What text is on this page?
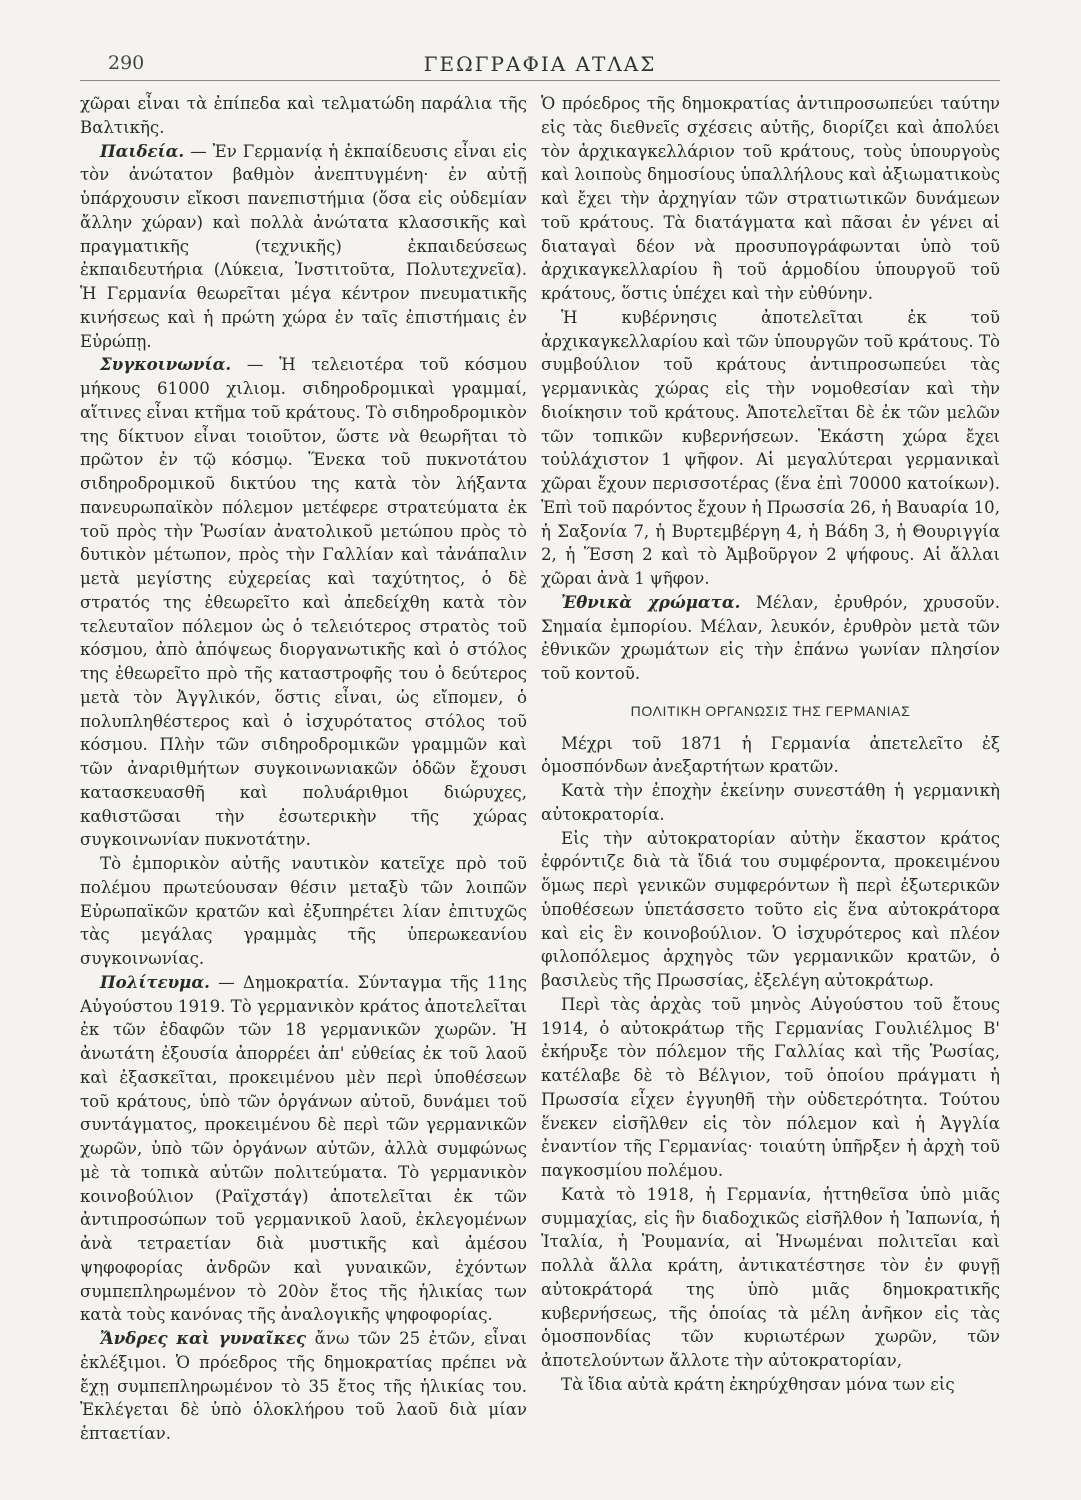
290	ΓΕΩΓΡΑΦΙΑ ΑΤΛΑΣ

χῶραι εἶναι τὰ ἐπίπεδα καὶ τελματώδη παράλια τῆς Βαλτικῆς.

Παιδεία. — Ἐν Γερμανίᾳ ἡ ἐκπαίδευσις εἶναι εἰς τὸν ἀνώτατον βαθμὸν ἀνεπτυγμένη· ἐν αὐτῇ ὑπάρχουσιν εἴκοσι πανεπιστήμια (ὅσα εἰς οὐδεμίαν ἄλλην χώραν) καὶ πολλὰ ἀνώτατα κλασσικῆς καὶ πραγματικῆς (τεχνικῆς) ἐκπαιδεύσεως ἐκπαιδευτήρια (Λύκεια, Ἰνστιτοῦτα, Πολυτεχνεῖα). Ἡ Γερμανία θεωρεῖται μέγα κέντρον πνευματικῆς κινήσεως καὶ ἡ πρώτη χώρα ἐν ταῖς ἐπιστήμαις ἐν Εὐρώπῃ.

Συγκοινωνία. — Ἡ τελειοτέρα τοῦ κόσμου μήκους 61000 χιλιομ. σιδηροδρομικαὶ γραμμαί, αἵτινες εἶναι κτῆμα τοῦ κράτους. Τὸ σιδηροδρομικὸν της δίκτυον εἶναι τοιοῦτον, ὥστε νὰ θεωρῆται τὸ πρῶτον ἐν τῷ κόσμῳ. Ἕνεκα τοῦ πυκνοτάτου σιδηροδρομικοῦ δικτύου της κατὰ τὸν λήξαντα πανευρωπαϊκὸν πόλεμον μετέφερε στρατεύματα ἐκ τοῦ πρὸς τὴν Ῥωσίαν ἀνατολικοῦ μετώπου πρὸς τὸ δυτικὸν μέτωπον, πρὸς τὴν Γαλλίαν καὶ τἀνάπαλιν μετὰ μεγίστης εὐχερείας καὶ ταχύτητος, ὁ δὲ στρατός της ἐθεωρεῖτο καὶ ἀπεδείχθη κατὰ τὸν τελευταῖον πόλεμον ὡς ὁ τελειότερος στρατὸς τοῦ κόσμου, ἀπὸ ἀπόψεως διοργανωτικῆς καὶ ὁ στόλος της ἐθεωρεῖτο πρὸ τῆς καταστροφῆς του ὁ δεύτερος μετὰ τὸν Ἀγγλικόν, ὅστις εἶναι, ὡς εἴπομεν, ὁ πολυπληθέστερος καὶ ὁ ἰσχυρότατος στόλος τοῦ κόσμου. Πλὴν τῶν σιδηροδρομικῶν γραμμῶν καὶ τῶν ἀναριθμήτων συγκοινωνιακῶν ὁδῶν ἔχουσι κατασκευασθῆ καὶ πολυάριθμοι διώρυχες, καθιστῶσαι τὴν ἐσωτερικὴν τῆς χώρας συγκοινωνίαν πυκνοτάτην.

Τὸ ἐμπορικὸν αὐτῆς ναυτικὸν κατεῖχε πρὸ τοῦ πολέμου πρωτεύουσαν θέσιν μεταξὺ τῶν λοιπῶν Εὐρωπαϊκῶν κρατῶν καὶ ἐξυπηρέτει λίαν ἐπιτυχῶς τὰς μεγάλας γραμμὰς τῆς ὑπερωκεανίου συγκοινωνίας.

Πολίτευμα. — Δημοκρατία. Σύνταγμα τῆς 11ης Αὐγούστου 1919. Τὸ γερμανικὸν κράτος ἀποτελεῖται ἐκ τῶν ἐδαφῶν τῶν 18 γερμανικῶν χωρῶν. Ἡ ἀνωτάτη ἐξουσία ἀπορρέει ἀπ' εὐθείας ἐκ τοῦ λαοῦ καὶ ἐξασκεῖται, προκειμένου μὲν περὶ ὑποθέσεων τοῦ κράτους, ὑπὸ τῶν ὀργάνων αὐτοῦ, δυνάμει τοῦ συντάγματος, προκειμένου δὲ περὶ τῶν γερμανικῶν χωρῶν, ὑπὸ τῶν ὀργάνων αὐτῶν, ἀλλὰ συμφώνως μὲ τὰ τοπικὰ αὐτῶν πολιτεύματα. Τὸ γερμανικὸν κοινοβούλιον (Ραϊχστάγ) ἀποτελεῖται ἐκ τῶν ἀντιπροσώπων τοῦ γερμανικοῦ λαοῦ, ἐκλεγομένων ἀνὰ τετραετίαν διὰ μυστικῆς καὶ ἀμέσου ψηφοφορίας ἀνδρῶν καὶ γυναικῶν, ἐχόντων συμπεπληρωμένον τὸ 20ὸν ἔτος τῆς ἡλικίας των κατὰ τοὺς κανόνας τῆς ἀναλογικῆς ψηφοφορίας.

Ἄνδρες καὶ γυναῖκες ἄνω τῶν 25 ἐτῶν, εἶναι ἐκλέξιμοι. Ὁ πρόεδρος τῆς δημοκρατίας πρέπει νὰ ἔχῃ συμπεπληρωμένον τὸ 35 ἔτος τῆς ἡλικίας του. Ἐκλέγεται δὲ ὑπὸ ὁλοκλήρου τοῦ λαοῦ διὰ μίαν ἑπταετίαν.

Ὁ πρόεδρος τῆς δημοκρατίας ἀντιπροσωπεύει ταύτην εἰς τὰς διεθνεῖς σχέσεις αὐτῆς, διορίζει καὶ ἀπολύει τὸν ἀρχικαγκελλάριον τοῦ κράτους, τοὺς ὑπουργοὺς καὶ λοιποὺς δημοσίους ὑπαλλήλους καὶ ἀξιωματικοὺς καὶ ἔχει τὴν ἀρχηγίαν τῶν στρατιωτικῶν δυνάμεων τοῦ κράτους. Τὰ διατάγματα καὶ πᾶσαι ἐν γένει αἱ διαταγαὶ δέον νὰ προσυπογράφωνται ὑπὸ τοῦ ἀρχικαγκελλαρίου ἢ τοῦ ἁρμοδίου ὑπουργοῦ τοῦ κράτους, ὅστις ὑπέχει καὶ τὴν εὐθύνην.

Ἡ κυβέρνησις ἀποτελεῖται ἐκ τοῦ ἀρχικαγκελλαρίου καὶ τῶν ὑπουργῶν τοῦ κράτους. Τὸ συμβούλιον τοῦ κράτους ἀντιπροσωπεύει τὰς γερμανικὰς χώρας εἰς τὴν νομοθεσίαν καὶ τὴν διοίκησιν τοῦ κράτους. Ἀποτελεῖται δὲ ἐκ τῶν μελῶν τῶν τοπικῶν κυβερνήσεων. Ἑκάστη χώρα ἔχει τοὐλάχιστον 1 ψῆφον. Αἱ μεγαλύτεραι γερμανικαὶ χῶραι ἔχουν περισσοτέρας (ἕνα ἐπὶ 70000 κατοίκων). Ἐπὶ τοῦ παρόντος ἔχουν ἡ Πρωσσία 26, ἡ Βαυαρία 10, ἡ Σαξονία 7, ἡ Βυρτεμβέργη 4, ἡ Βάδη 3, ἡ Θουριγγία 2, ἡ Ἕσση 2 καὶ τὸ Ἀμβοῦργον 2 ψήφους. Αἱ ἄλλαι χῶραι ἀνὰ 1 ψῆφον.

Ἐθνικὰ χρώματα. Μέλαν, ἐρυθρόν, χρυσοῦν. Σημαία ἐμπορίου. Μέλαν, λευκόν, ἐρυθρὸν μετὰ τῶν ἐθνικῶν χρωμάτων εἰς τὴν ἐπάνω γωνίαν πλησίον τοῦ κοντοῦ.

ΠΟΛΙΤΙΚΗ ΟΡΓΑΝΩΣΙΣ ΤΗΣ ΓΕΡΜΑΝΙΑΣ

Μέχρι τοῦ 1871 ἡ Γερμανία ἀπετελεῖτο ἐξ ὁμοσπόνδων ἀνεξαρτήτων κρατῶν.

Κατὰ τὴν ἐποχὴν ἐκείνην συνεστάθη ἡ γερμανικὴ αὐτοκρατορία.

Εἰς τὴν αὐτοκρατορίαν αὐτὴν ἕκαστον κράτος ἐφρόντιζε διὰ τὰ ἴδιά του συμφέροντα, προκειμένου ὅμως περὶ γενικῶν συμφερόντων ἢ περὶ ἐξωτερικῶν ὑποθέσεων ὑπετάσσετο τοῦτο εἰς ἕνα αὐτοκράτορα καὶ εἰς ἓν κοινοβούλιον. Ὁ ἰσχυρότερος καὶ πλέον φιλοπόλεμος ἀρχηγὸς τῶν γερμανικῶν κρατῶν, ὁ βασιλεὺς τῆς Πρωσσίας, ἐξελέγη αὐτοκράτωρ.

Περὶ τὰς ἀρχὰς τοῦ μηνὸς Αὐγούστου τοῦ ἔτους 1914, ὁ αὐτοκράτωρ τῆς Γερμανίας Γουλιέλμος Β' ἐκήρυξε τὸν πόλεμον τῆς Γαλλίας καὶ τῆς Ῥωσίας, κατέλαβε δὲ τὸ Βέλγιον, τοῦ ὁποίου πράγματι ἡ Πρωσσία εἶχεν ἐγγυηθῆ τὴν οὐδετερότητα. Τούτου ἕνεκεν εἰσῆλθεν εἰς τὸν πόλεμον καὶ ἡ Ἀγγλία ἐναντίον τῆς Γερμανίας· τοιαύτη ὑπῆρξεν ἡ ἀρχὴ τοῦ παγκοσμίου πολέμου.

Κατὰ τὸ 1918, ἡ Γερμανία, ἡττηθεῖσα ὑπὸ μιᾶς συμμαχίας, εἰς ἣν διαδοχικῶς εἰσῆλθον ἡ Ἰαπωνία, ἡ Ἰταλία, ἡ Ῥουμανία, αἱ Ἡνωμέναι πολιτεῖαι καὶ πολλὰ ἄλλα κράτη, ἀντικατέστησε τὸν ἐν φυγῇ αὐτοκράτορά της ὑπὸ μιᾶς δημοκρατικῆς κυβερνήσεως, τῆς ὁποίας τὰ μέλη ἀνῆκον εἰς τὰς ὁμοσπονδίας τῶν κυριωτέρων χωρῶν, τῶν ἀποτελούντων ἄλλοτε τὴν αὐτοκρατορίαν,

Τὰ ἴδια αὐτὰ κράτη ἐκηρύχθησαν μόνα των εἰς
